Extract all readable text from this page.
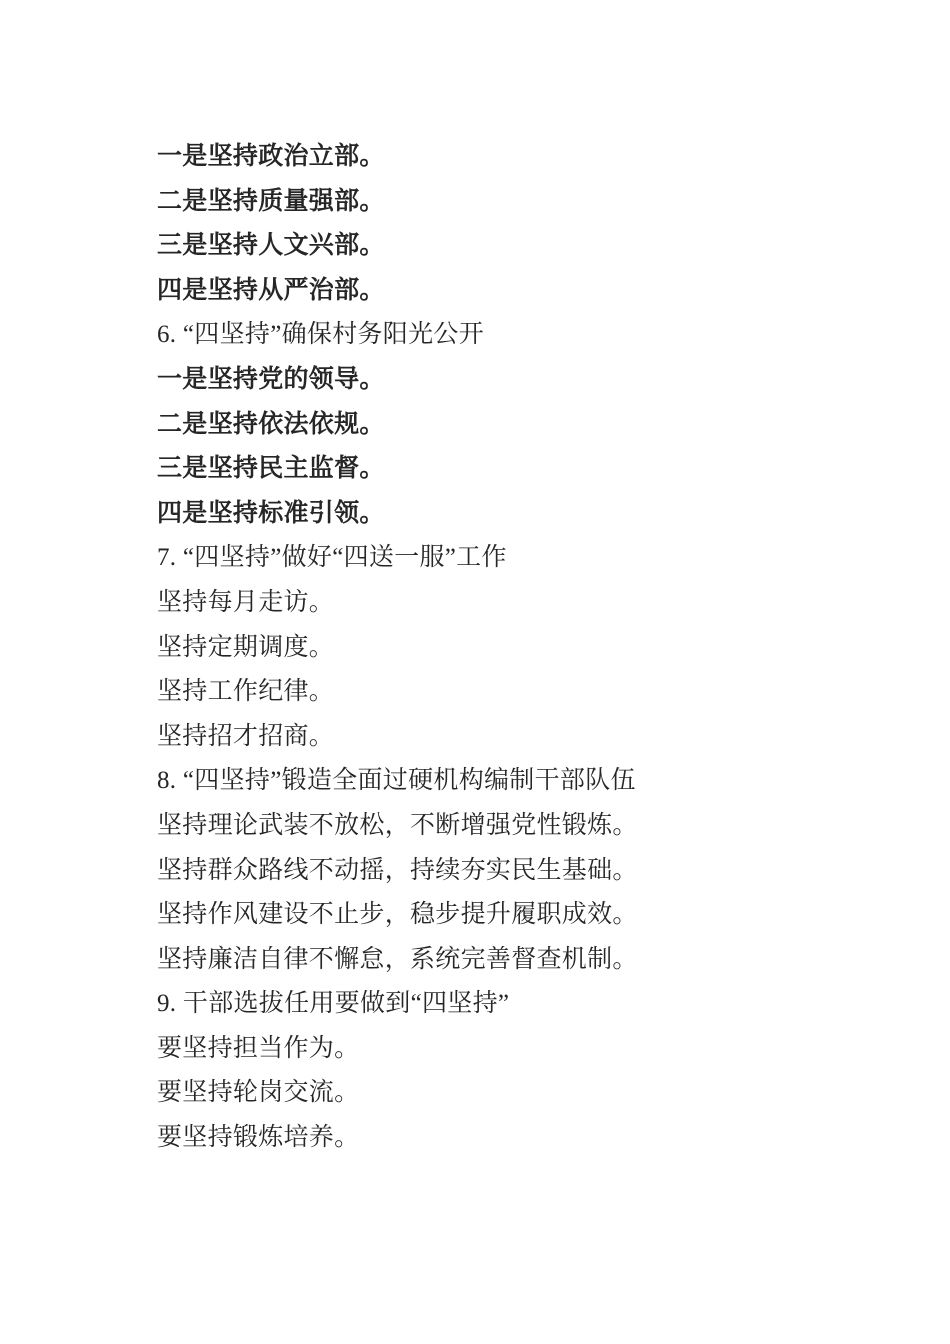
一是坚持政治立部。

二是坚持质量强部。

三是坚持人文兴部。

四是坚持从严治部。

6. “四坚持”确保村务阳光公开

一是坚持党的领导。

二是坚持依法依规。

三是坚持民主监督。

四是坚持标准引领。

7. “四坚持”做好“四送一服”工作

坚持每月走访。

坚持定期调度。

坚持工作纪律。

坚持招才招商。

8. “四坚持”锻造全面过硬机构编制干部队伍

坚持理论武装不放松，不断增强党性锻炼。

坚持群众路线不动摇，持续夯实民生基础。

坚持作风建设不止步，稳步提升履职成效。

坚持廉洁自律不懈怠，系统完善督查机制。

9. 干部选拔任用要做到“四坚持”

要坚持担当作为。

要坚持轮岗交流。

要坚持锻炼培养。
